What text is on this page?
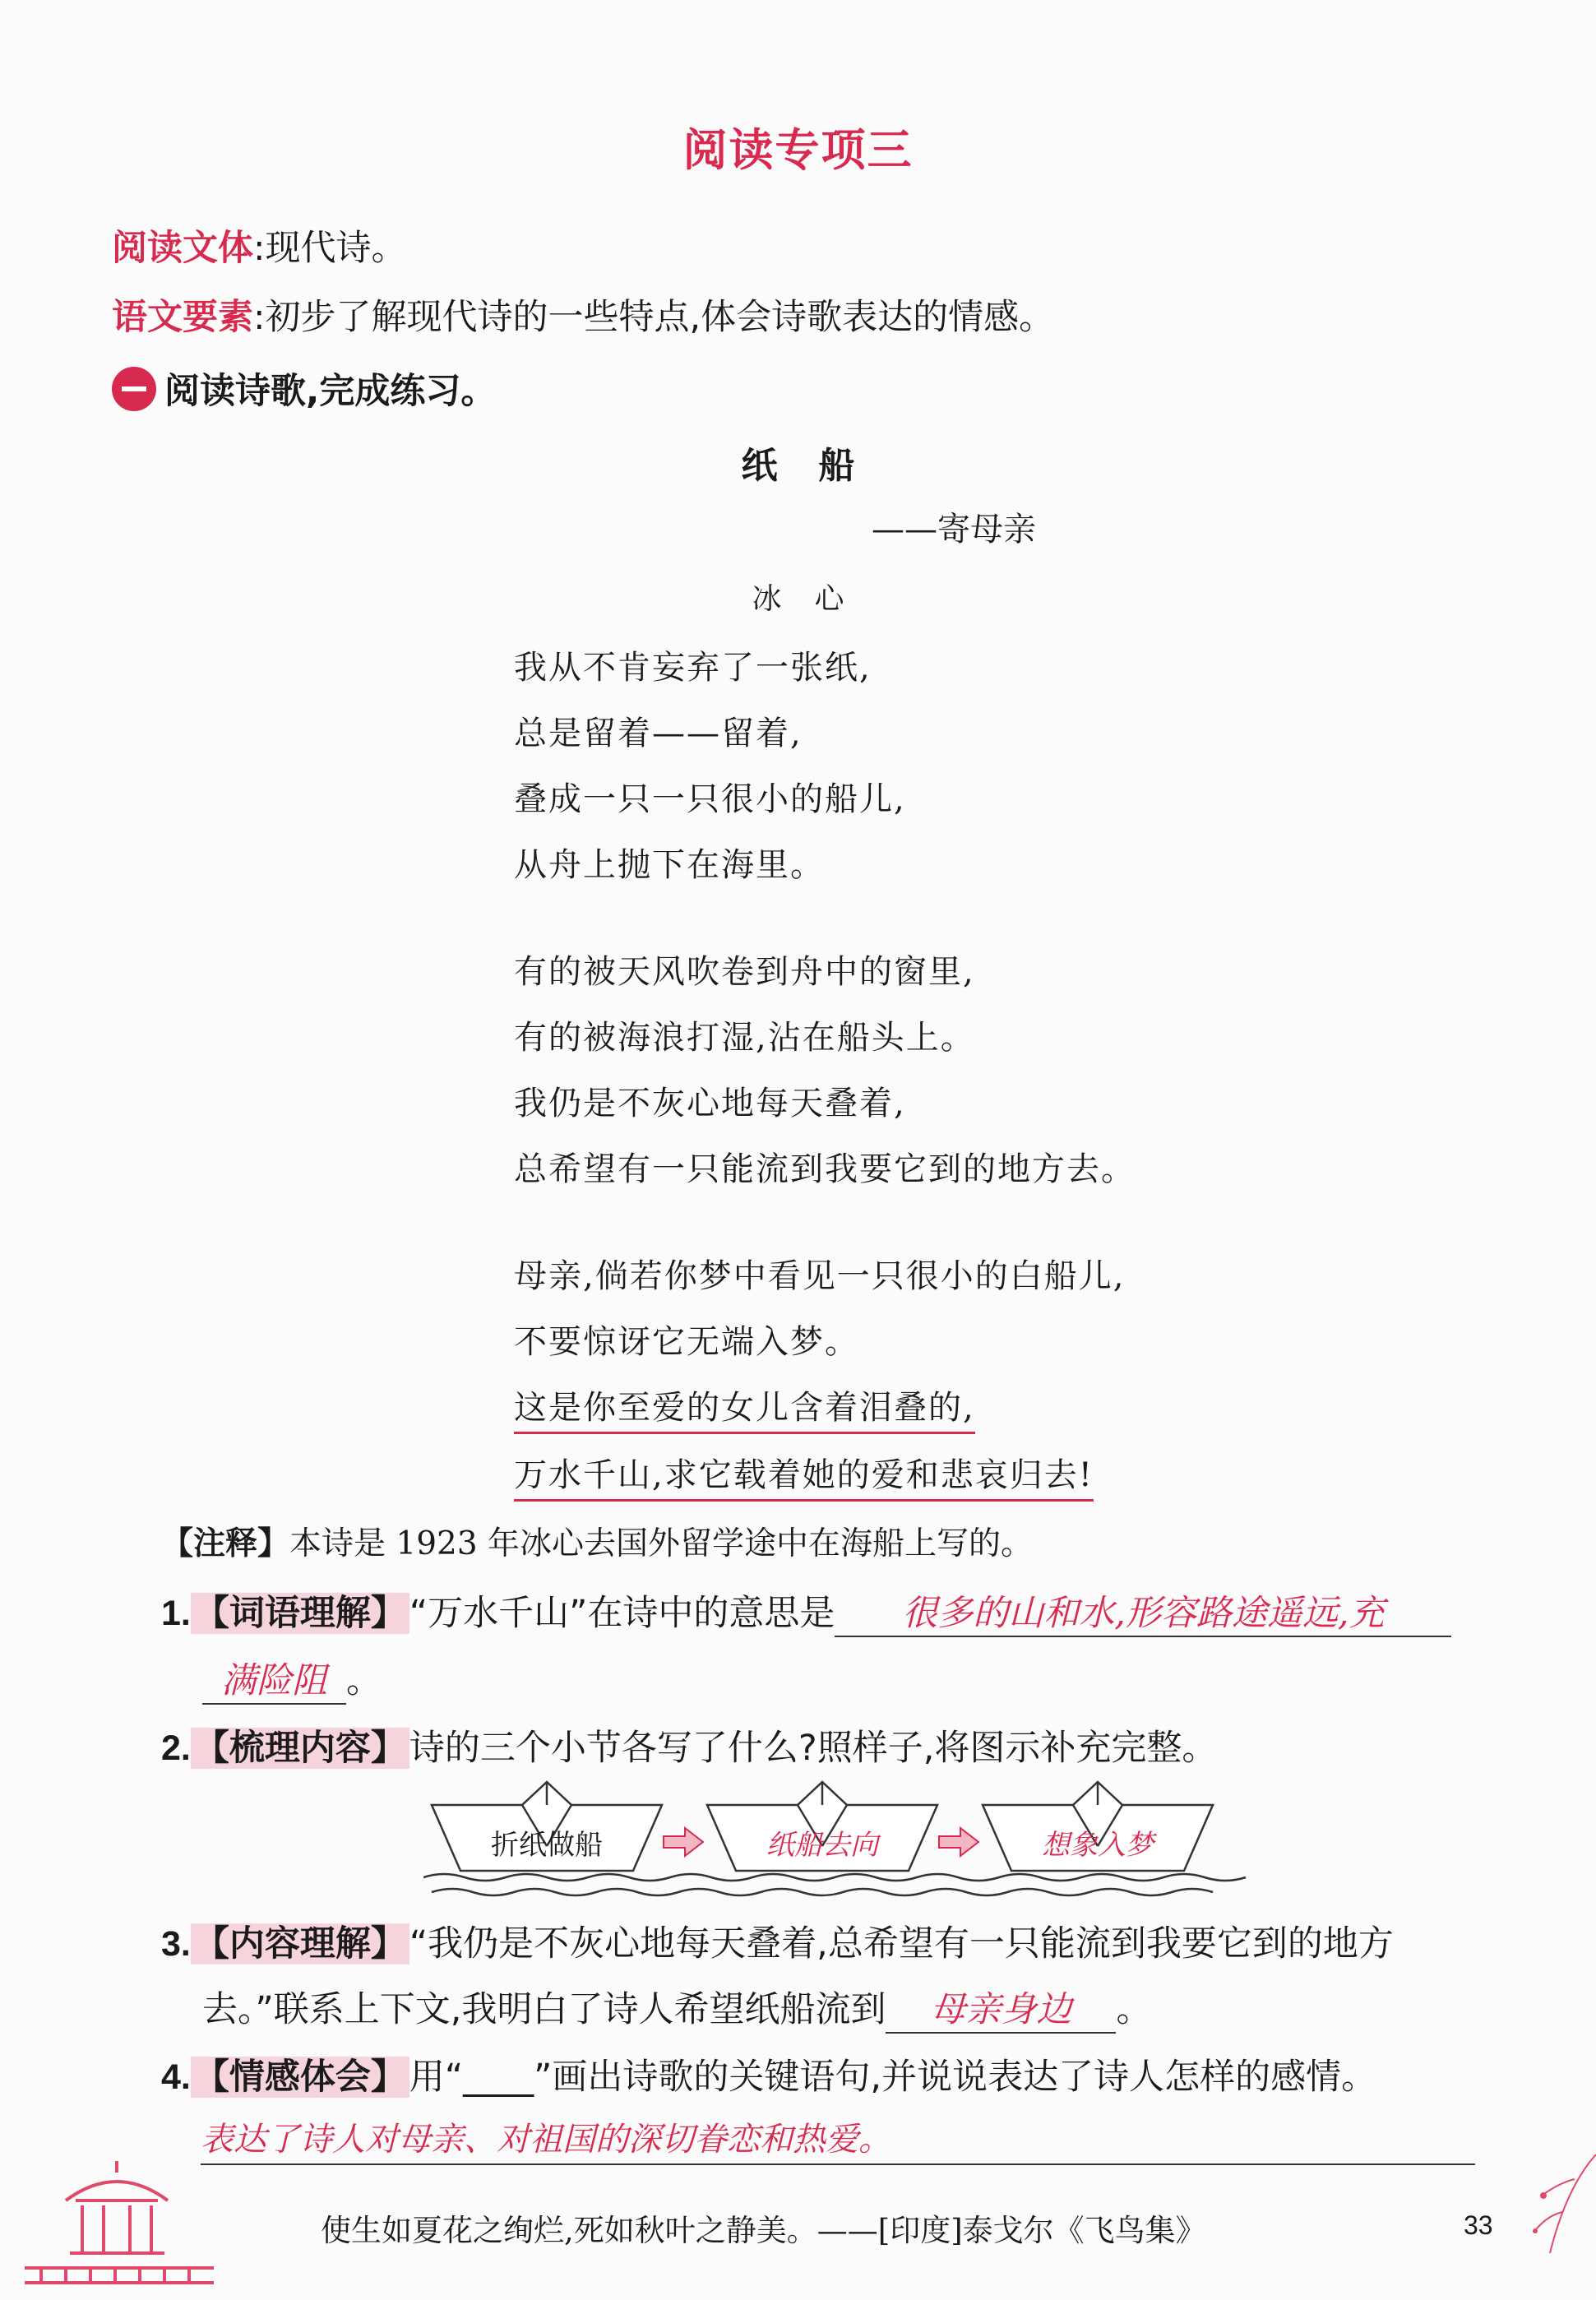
阅读专项三
阅读文体:现代诗。
语文要素:初步了解现代诗的一些特点,体会诗歌表达的情感。
阅读诗歌,完成练习。
纸船
——寄母亲
冰心
我从不肯妄弃了一张纸,
总是留着——留着,
叠成一只一只很小的船儿,
从舟上抛下在海里。
有的被天风吹卷到舟中的窗里,
有的被海浪打湿,沾在船头上。
我仍是不灰心地每天叠着,
总希望有一只能流到我要它到的地方去。
母亲,倘若你梦中看见一只很小的白船儿,
不要惊讶它无端入梦。
这是你至爱的女儿含着泪叠的,
万水千山,求它载着她的爱和悲哀归去!
【注释】本诗是 1923 年冰心去国外留学途中在海船上写的。
1.【词语理解】“万水千山”在诗中的意思是 很多的山和水,形容路途遥远,充
满险阻 。
2.【梳理内容】诗的三个小节各写了什么?照样子,将图示补充完整。
折纸做船	纸船去向	想象入梦
3.【内容理解】“我仍是不灰心地每天叠着,总希望有一只能流到我要它到的地方
去。”联系上下文,我明白了诗人希望纸船流到 母亲身边 。
4.【情感体会】用“____”画出诗歌的关键语句,并说说表达了诗人怎样的感情。
表达了诗人对母亲、对祖国的深切眷恋和热爱。
使生如夏花之绚烂,死如秋叶之静美。——[印度]泰戈尔《飞鸟集》	33
